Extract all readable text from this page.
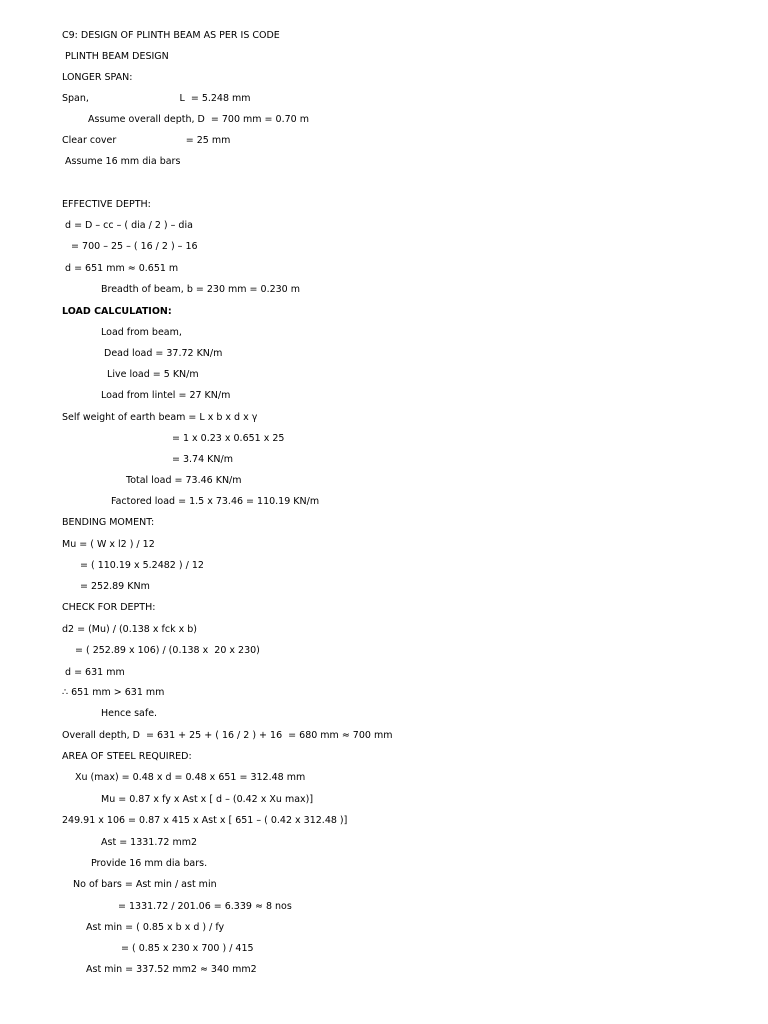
C9: DESIGN OF PLINTH BEAM AS PER IS CODE
PLINTH BEAM DESIGN
LONGER SPAN:
Span,                              L  = 5.248 mm
Assume overall depth, D  = 700 mm = 0.70 m
Clear cover                       = 25 mm
Assume 16 mm dia bars
EFFECTIVE DEPTH:
d = D – cc – ( dia / 2 ) – dia
= 700 – 25 – ( 16 / 2 ) – 16
d = 651 mm ≈ 0.651 m
Breadth of beam, b = 230 mm = 0.230 m
LOAD CALCULATION:
Load from beam,
Dead load = 37.72 KN/m
Live load = 5 KN/m
Load from lintel = 27 KN/m
Self weight of earth beam = L x b x d x γ
= 1 x 0.23 x 0.651 x 25
= 3.74 KN/m
Total load = 73.46 KN/m
Factored load = 1.5 x 73.46 = 110.19 KN/m
BENDING MOMENT:
Mu = ( W x l2 ) / 12
= ( 110.19 x 5.2482 ) / 12
= 252.89 KNm
CHECK FOR DEPTH:
d2 = (Mu) / (0.138 x fck x b)
= ( 252.89 x 106) / (0.138 x  20 x 230)
d = 631 mm
∴ 651 mm > 631 mm
Hence safe.
Overall depth, D  = 631 + 25 + ( 16 / 2 ) + 16  = 680 mm ≈ 700 mm
AREA OF STEEL REQUIRED:
Xu (max) = 0.48 x d = 0.48 x 651 = 312.48 mm
Mu = 0.87 x fy x Ast x [ d – (0.42 x Xu max)]
249.91 x 106 = 0.87 x 415 x Ast x [ 651 – ( 0.42 x 312.48 )]
Ast = 1331.72 mm2
Provide 16 mm dia bars.
No of bars = Ast min / ast min
= 1331.72 / 201.06 = 6.339 ≈ 8 nos
Ast min = ( 0.85 x b x d ) / fy
= ( 0.85 x 230 x 700 ) / 415
Ast min = 337.52 mm2 ≈ 340 mm2
